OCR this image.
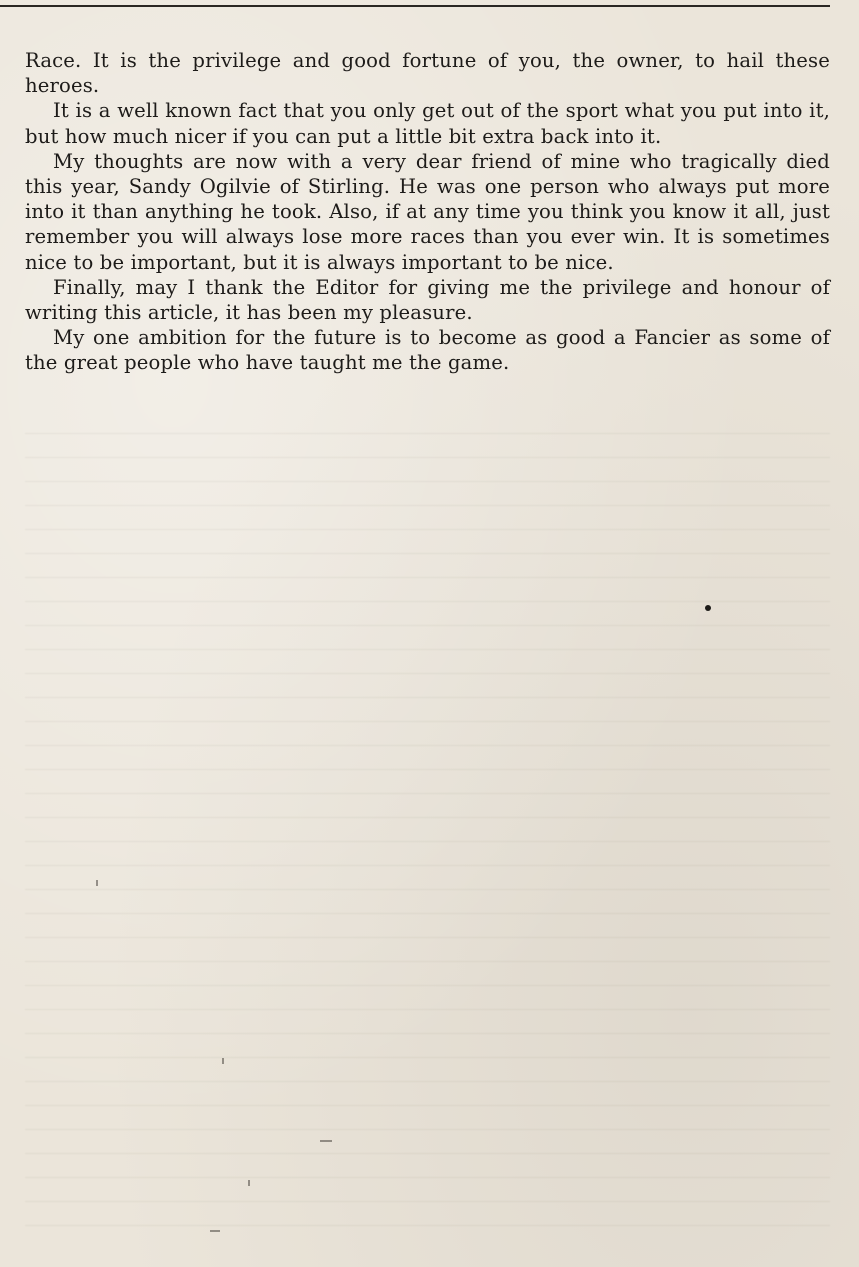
Race. It is the privilege and good fortune of you, the owner, to hail these heroes.

It is a well known fact that you only get out of the sport what you put into it, but how much nicer if you can put a little bit extra back into it.

My thoughts are now with a very dear friend of mine who tragically died this year, Sandy Ogilvie of Stirling. He was one person who always put more into it than anything he took. Also, if at any time you think you know it all, just remember you will always lose more races than you ever win. It is sometimes nice to be important, but it is always important to be nice.

Finally, may I thank the Editor for giving me the privilege and honour of writing this article, it has been my pleasure.

My one ambition for the future is to become as good a Fancier as some of the great people who have taught me the game.
